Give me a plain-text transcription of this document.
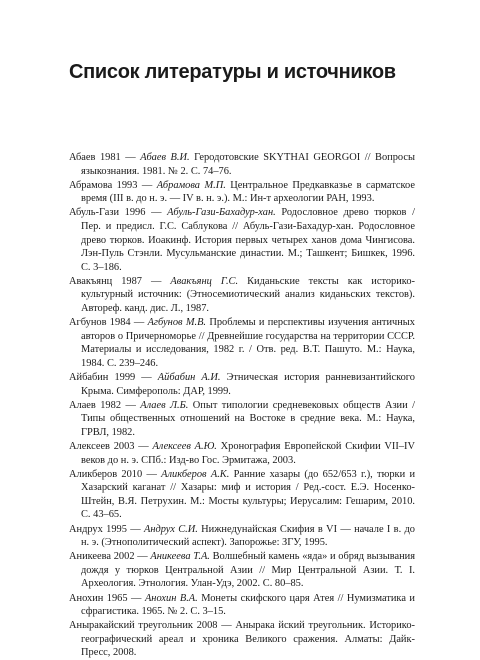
Список литературы и источников
Абаев 1981 — Абаев В.И. Геродотовские SKYTHAI GEORGOI // Вопросы языкознания. 1981. № 2. С. 74–76.
Абрамова 1993 — Абрамова М.П. Центральное Предкавказье в сарматское время (III в. до н. э. — IV в. н. э.). М.: Ин-т археологии РАН, 1993.
Абуль-Гази 1996 — Абуль-Гази-Бахадур-хан. Родословное древо тюрков / Пер. и предисл. Г.С. Саблукова // Абуль-Гази-Бахадур-хан. Родословное древо тюрков. Иоакинф. История первых четырех ханов дома Чингисова. Лэн-Пуль Стэнли. Мусульманские династии. М.; Ташкент; Бишкек, 1996. С. 3–186.
Авакъянц 1987 — Авакъянц Г.С. Киданьские тексты как историко-культурный источник: (Этносемиотический анализ киданьских текстов). Автореф. канд. дис. Л., 1987.
Агбунов 1984 — Агбунов М.В. Проблемы и перспективы изучения античных авторов о Причерноморье // Древнейшие государства на территории СССР. Материалы и исследования, 1982 г. / Отв. ред. В.Т. Пашуто. М.: Наука, 1984. С. 239–246.
Айбабин 1999 — Айбабин А.И. Этническая история ранневизантийского Крыма. Симферополь: ДАР, 1999.
Алаев 1982 — Алаев Л.Б. Опыт типологии средневековых обществ Азии / Типы общественных отношений на Востоке в средние века. М.: Наука, ГРВЛ, 1982.
Алексеев 2003 — Алексеев А.Ю. Хронография Европейской Скифии VII–IV веков до н. э. СПб.: Изд-во Гос. Эрмитажа, 2003.
Аликберов 2010 — Аликберов А.К. Ранние хазары (до 652/653 г.), тюрки и Хазарский каганат // Хазары: миф и история / Ред.-сост. Е.Э. Носенко-Штейн, В.Я. Петрухин. М.: Мосты культуры; Иерусалим: Гешарим, 2010. С. 43–65.
Андрух 1995 — Андрух С.И. Нижнедунайская Скифия в VI — начале I в. до н. э. (Этнополитический аспект). Запорожье: ЗГУ, 1995.
Аникеева 2002 — Аникеева Т.А. Волшебный камень «яда» и обряд вызывания дождя у тюрков Центральной Азии // Мир Центральной Азии. Т. I. Археология. Этнология. Улан-Удэ, 2002. С. 80–85.
Анохин 1965 — Анохин В.А. Монеты скифского царя Атея // Нумизматика и сфрагистика. 1965. № 2. С. 3–15.
Аныракайский треугольник 2008 — Анырака йский треугольник. Историко-географический ареал и хроника Великого сражения. Алматы: Дайк-Пресс, 2008.
